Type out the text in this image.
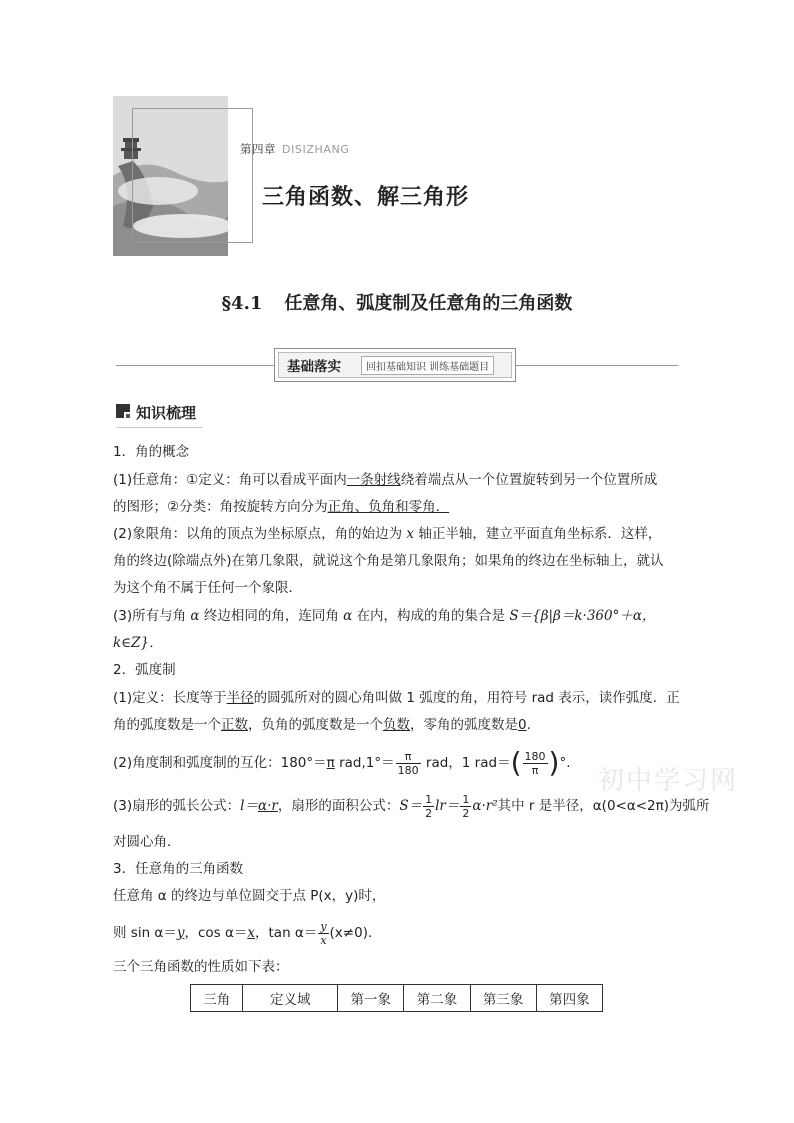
第四章 DISIZHANG
三角函数、解三角形
§4.1 任意角、弧度制及任意角的三角函数
基础落实	回扣基础知识 训练基础题目
知识梳理
1．角的概念
(1)任意角：①定义：角可以看成平面内一条射线绕着端点从一个位置旋转到另一个位置所成
的图形；②分类：角按旋转方向分为正角、负角和零角．
(2)象限角：以角的顶点为坐标原点，角的始边为 x 轴正半轴，建立平面直角坐标系．这样，
角的终边(除端点外)在第几象限，就说这个角是第几象限角；如果角的终边在坐标轴上，就认
为这个角不属于任何一个象限．
(3)所有与角 α 终边相同的角，连同角 α 在内，构成的角的集合是 S＝{β|β＝k·360°＋α，
k∈Z}．
2．弧度制
(1)定义：长度等于半径的圆弧所对的圆心角叫做 1 弧度的角，用符号 rad 表示，读作弧度．正
角的弧度数是一个正数，负角的弧度数是一个负数，零角的弧度数是0.
(2)角度制和弧度制的互化：180°＝π $rad,1^\circ= \frac{\pi}{180}$ rad，1 $rad=( \frac{180}{\pi}$ )°.
(3)扇形的弧长公式：l＝α·r，扇形的面积公式：$S= \frac{1}{2} lr= \frac{1}{2} \alpha\cdot r^2$其中 r 是半径，α(0<α<2π)为弧所
对圆心角．
3．任意角的三角函数
任意角 α 的终边与单位圆交于点 P(x，y)时，
则 sin α＝y，cos α＝x，$\tan \alpha= \frac{y}{x} (x\ne 0)$．
三个三角函数的性质如下表：
初中学习网
三角	定义域	第一象	第二象	第三象	第四象
